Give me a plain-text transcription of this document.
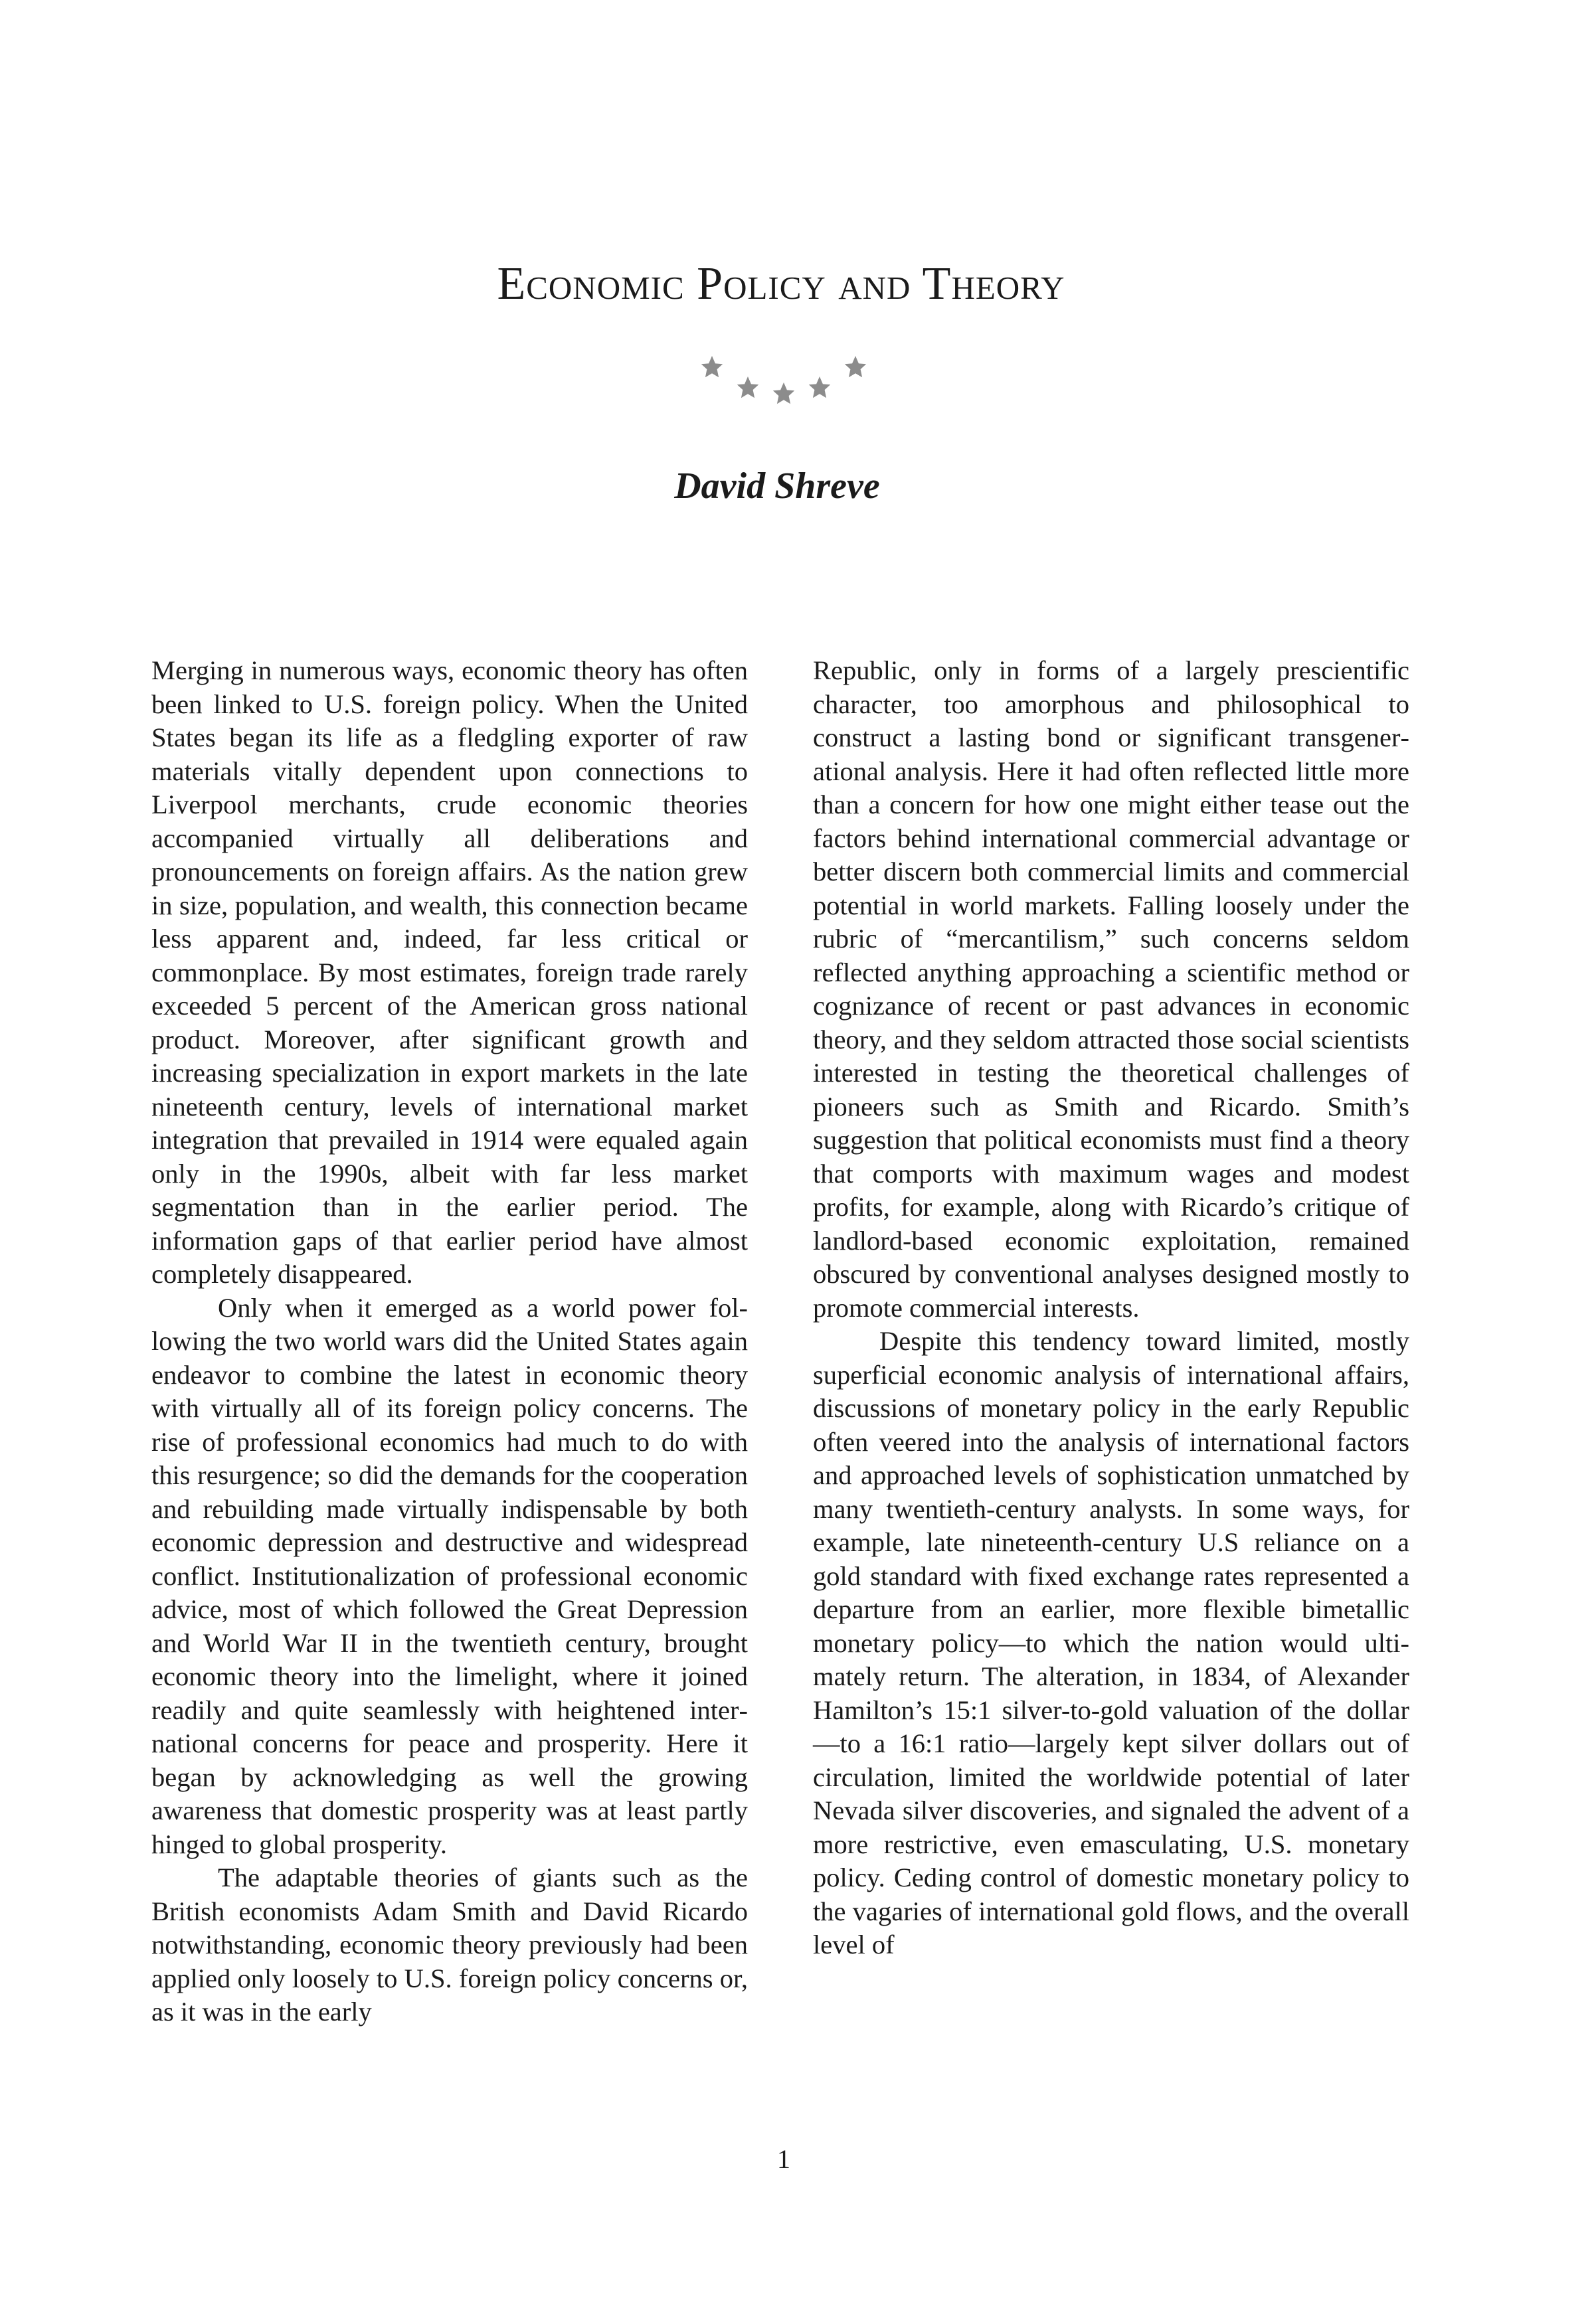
Economic Policy and Theory

David Shreve

Merging in numerous ways, economic theory has often been linked to U.S. foreign policy. When the United States began its life as a fledgling exporter of raw materials vitally dependent upon connections to Liverpool merchants, crude economic theories accompanied virtually all deliberations and pronouncements on foreign affairs. As the nation grew in size, population, and wealth, this connection became less apparent and, indeed, far less critical or commonplace. By most estimates, foreign trade rarely exceeded 5 percent of the American gross national product. Moreover, after significant growth and increasing specialization in export markets in the late nineteenth century, levels of international market integration that prevailed in 1914 were equaled again only in the 1990s, albeit with far less market segmentation than in the earlier period. The information gaps of that earlier period have almost completely disappeared.

Only when it emerged as a world power following the two world wars did the United States again endeavor to combine the latest in economic theory with virtually all of its foreign policy concerns. The rise of professional economics had much to do with this resurgence; so did the demands for the cooperation and rebuilding made virtually indispensable by both economic depression and destructive and widespread conflict. Institutionalization of professional economic advice, most of which followed the Great Depression and World War II in the twentieth century, brought economic theory into the limelight, where it joined readily and quite seamlessly with heightened international concerns for peace and prosperity. Here it began by acknowledging as well the growing awareness that domestic prosperity was at least partly hinged to global prosperity.

The adaptable theories of giants such as the British economists Adam Smith and David Ricardo notwithstanding, economic theory previously had been applied only loosely to U.S. foreign policy concerns or, as it was in the early

Republic, only in forms of a largely prescientific character, too amorphous and philosophical to construct a lasting bond or significant transgenerational analysis. Here it had often reflected little more than a concern for how one might either tease out the factors behind international commercial advantage or better discern both commercial limits and commercial potential in world markets. Falling loosely under the rubric of “mercantilism,” such concerns seldom reflected anything approaching a scientific method or cognizance of recent or past advances in economic theory, and they seldom attracted those social scientists interested in testing the theoretical challenges of pioneers such as Smith and Ricardo. Smith’s suggestion that political economists must find a theory that comports with maximum wages and modest profits, for example, along with Ricardo’s critique of landlord-based economic exploitation, remained obscured by conventional analyses designed mostly to promote commercial interests.

Despite this tendency toward limited, mostly superficial economic analysis of international affairs, discussions of monetary policy in the early Republic often veered into the analysis of international factors and approached levels of sophistication unmatched by many twentieth-century analysts. In some ways, for example, late nineteenth-century U.S reliance on a gold standard with fixed exchange rates represented a departure from an earlier, more flexible bimetallic monetary policy—to which the nation would ultimately return. The alteration, in 1834, of Alexander Hamilton’s 15:1 silver-to-gold valuation of the dollar—to a 16:1 ratio—largely kept silver dollars out of circulation, limited the worldwide potential of later Nevada silver discoveries, and signaled the advent of a more restrictive, even emasculating, U.S. monetary policy. Ceding control of domestic monetary policy to the vagaries of international gold flows, and the overall level of

1
